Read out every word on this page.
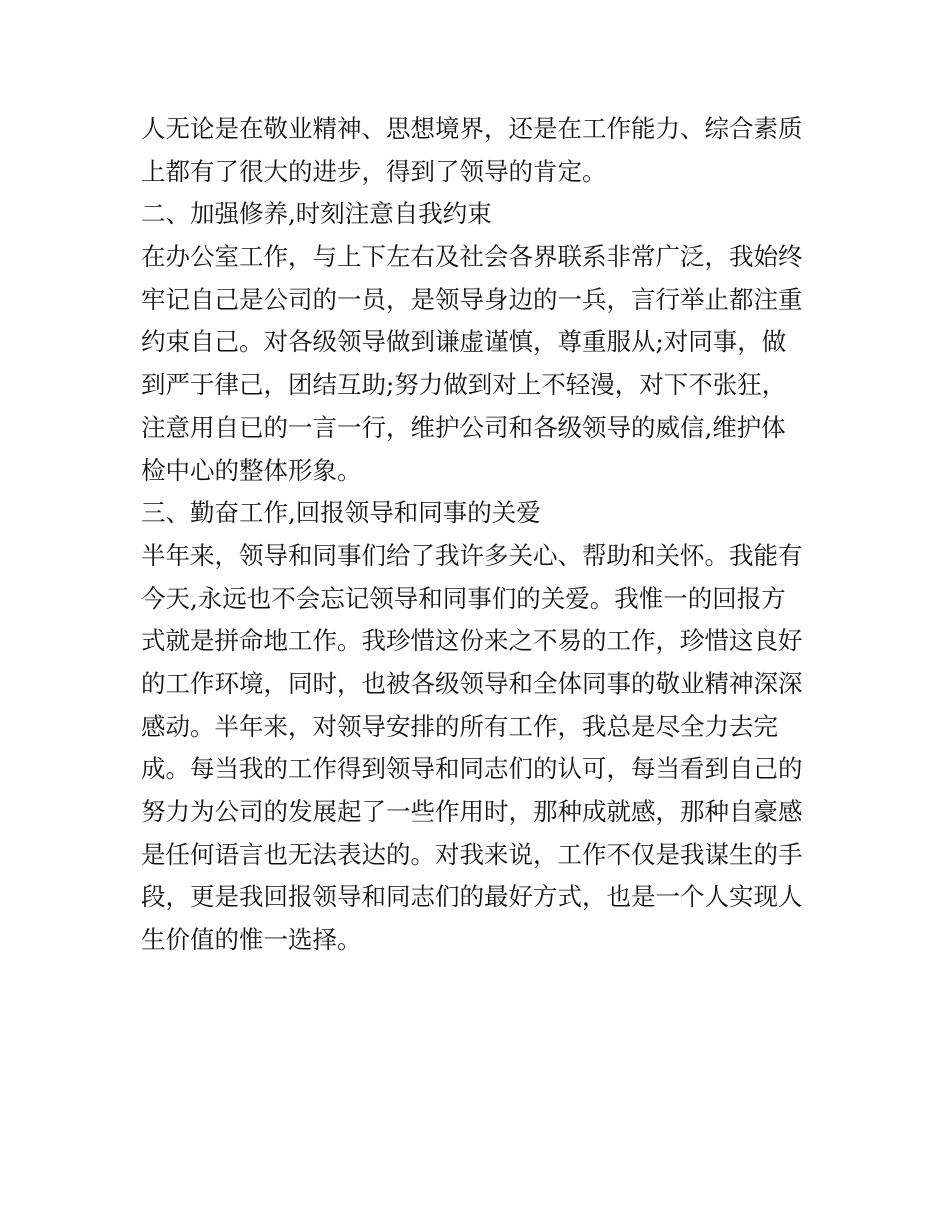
人无论是在敬业精神、思想境界，还是在工作能力、综合素质
上都有了很大的进步，得到了领导的肯定。
二、加强修养,时刻注意自我约束
在办公室工作，与上下左右及社会各界联系非常广泛，我始终
牢记自己是公司的一员，是领导身边的一兵，言行举止都注重
约束自己。对各级领导做到谦虚谨慎，尊重服从;对同事，做
到严于律己，团结互助;努力做到对上不轻漫，对下不张狂，
注意用自已的一言一行，维护公司和各级领导的威信,维护体
检中心的整体形象。
三、勤奋工作,回报领导和同事的关爱
半年来，领导和同事们给了我许多关心、帮助和关怀。我能有
今天,永远也不会忘记领导和同事们的关爱。我惟一的回报方
式就是拼命地工作。我珍惜这份来之不易的工作，珍惜这良好
的工作环境，同时，也被各级领导和全体同事的敬业精神深深
感动。半年来，对领导安排的所有工作，我总是尽全力去完
成。每当我的工作得到领导和同志们的认可，每当看到自己的
努力为公司的发展起了一些作用时，那种成就感，那种自豪感
是任何语言也无法表达的。对我来说，工作不仅是我谋生的手
段，更是我回报领导和同志们的最好方式，也是一个人实现人
生价值的惟一选择。
